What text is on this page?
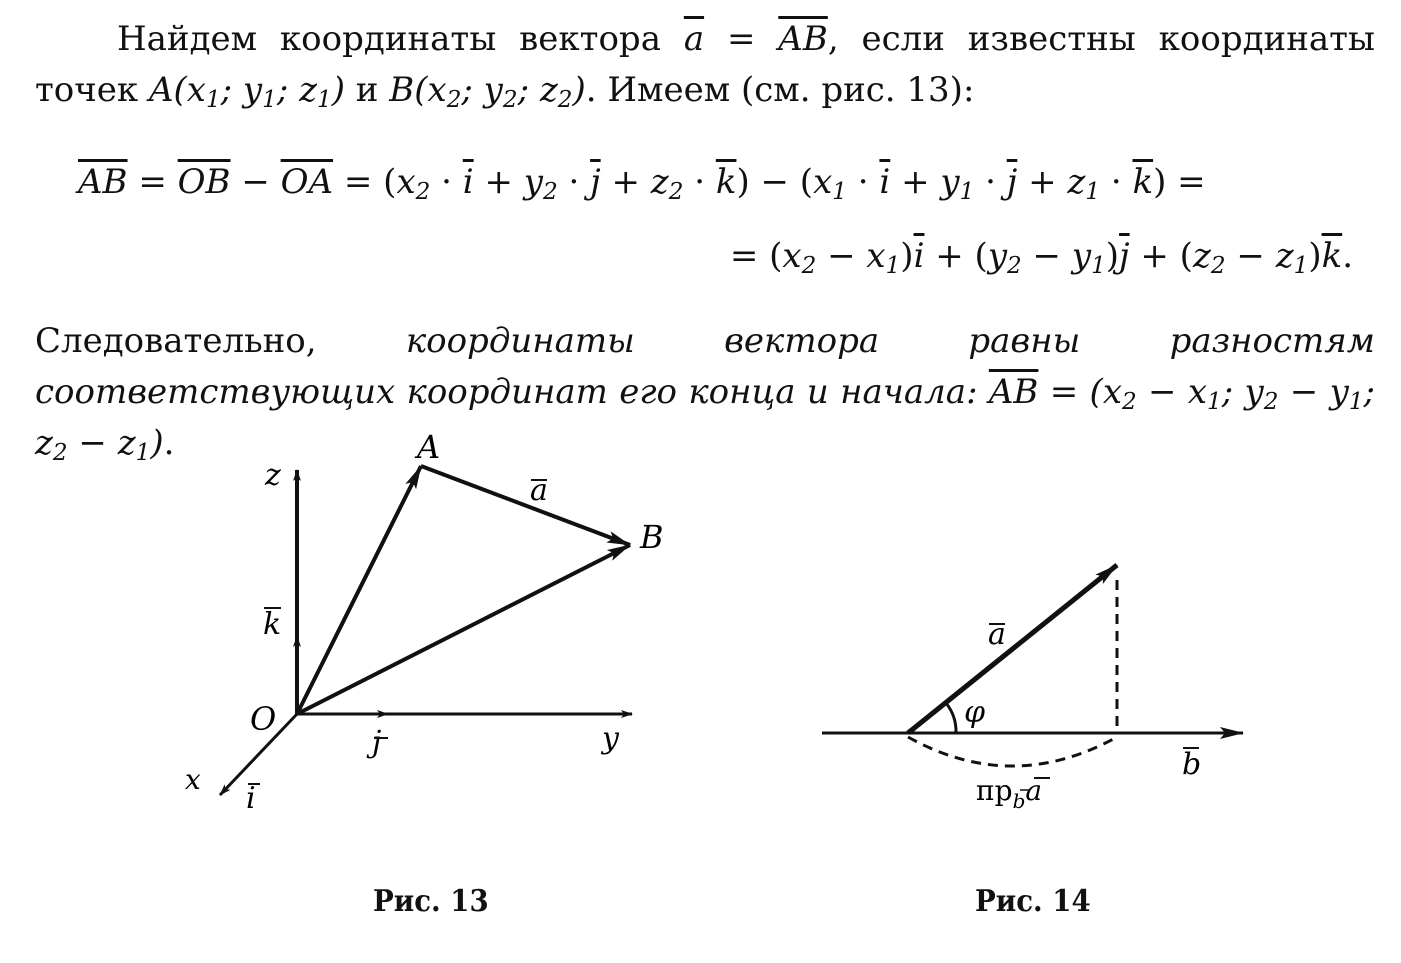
Найдем координаты вектора $\overline{a} = \overline{AB}$, если известны координаты точек $A(x_1$; $y_1$; $z_1$) и $B(x_2$; $y_2$; $z_2$). Имеем (см. рис. 13):
$\overline{AB} = \overline{OB} - \overline{OA} = (x_2 \cdot \overline{i} + y_2 \cdot \overline{j} + z_2 \cdot \overline{k}) - (x_1 \cdot \overline{i} + y_1 \cdot \overline{j} + z_1 \cdot \overline{k})$ =
= $(x_2 - x_1)\overline{i} + (y_2 - y_1)\overline{j} + (z_2 - z_1)\overline{k}$.
Следовательно, координаты вектора равны разностям соответствующих координат его конца и начала: $\overline{AB} = (x_2 - x_1$; $y_2 - y_1$; $z_2 - z_1$).	A
B
a
z
k
O
j	y
x
i
a
φ
b
$пр_ba$
Рис. 13	Рис. 14
